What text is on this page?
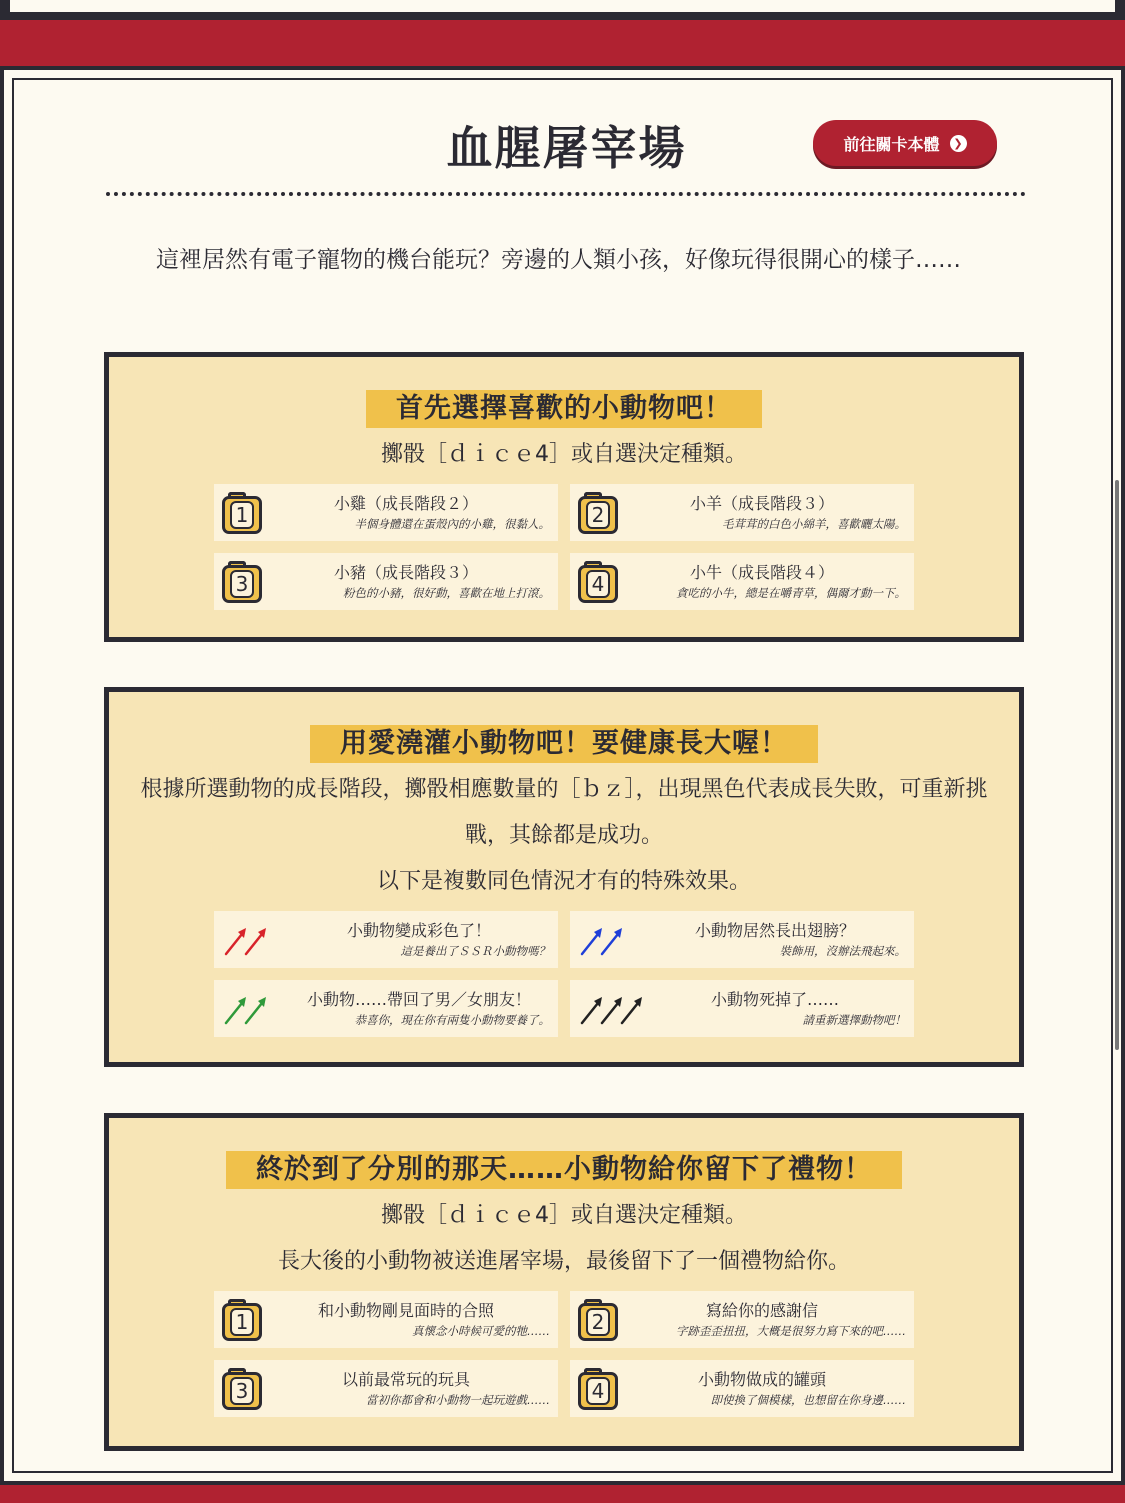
血腥屠宰場	前往關卡本體	❯
這裡居然有電子寵物的機台能玩？旁邊的人類小孩，好像玩得很開心的樣子……
首先選擇喜歡的小動物吧！
擲骰［ｄｉｃｅ4］或自選決定種類。
1	小雞（成長階段２）
半個身體還在蛋殼內的小雞，很黏人。 2	小羊（成長階段３）
毛茸茸的白色小綿羊，喜歡曬太陽。
3	小豬（成長階段３）
粉色的小豬，很好動，喜歡在地上打滾。 4	小牛（成長階段４）
貪吃的小牛，總是在嚼青草，偶爾才動一下。
用愛澆灌小動物吧！要健康長大喔！
根據所選動物的成長階段，擲骰相應數量的［ｂｚ］，出現黑色代表成長失敗，可重新挑戰，其餘都是成功。
以下是複數同色情況才有的特殊效果。
小動物變成彩色了！
這是養出了ＳＳＲ小動物嗎？
小動物居然長出翅膀？
裝飾用，沒辦法飛起來。
小動物……帶回了男／女朋友！
恭喜你，現在你有兩隻小動物要養了。
小動物死掉了……
請重新選擇動物吧！
終於到了分別的那天……小動物給你留下了禮物！
擲骰［ｄｉｃｅ4］或自選決定種類。
長大後的小動物被送進屠宰場，最後留下了一個禮物給你。
1	和小動物剛見面時的合照
真懷念小時候可愛的牠…… 2	寫給你的感謝信
字跡歪歪扭扭，大概是很努力寫下來的吧……
3	以前最常玩的玩具
當初你都會和小動物一起玩遊戲…… 4	小動物做成的罐頭
即使換了個模樣，也想留在你身邊……
